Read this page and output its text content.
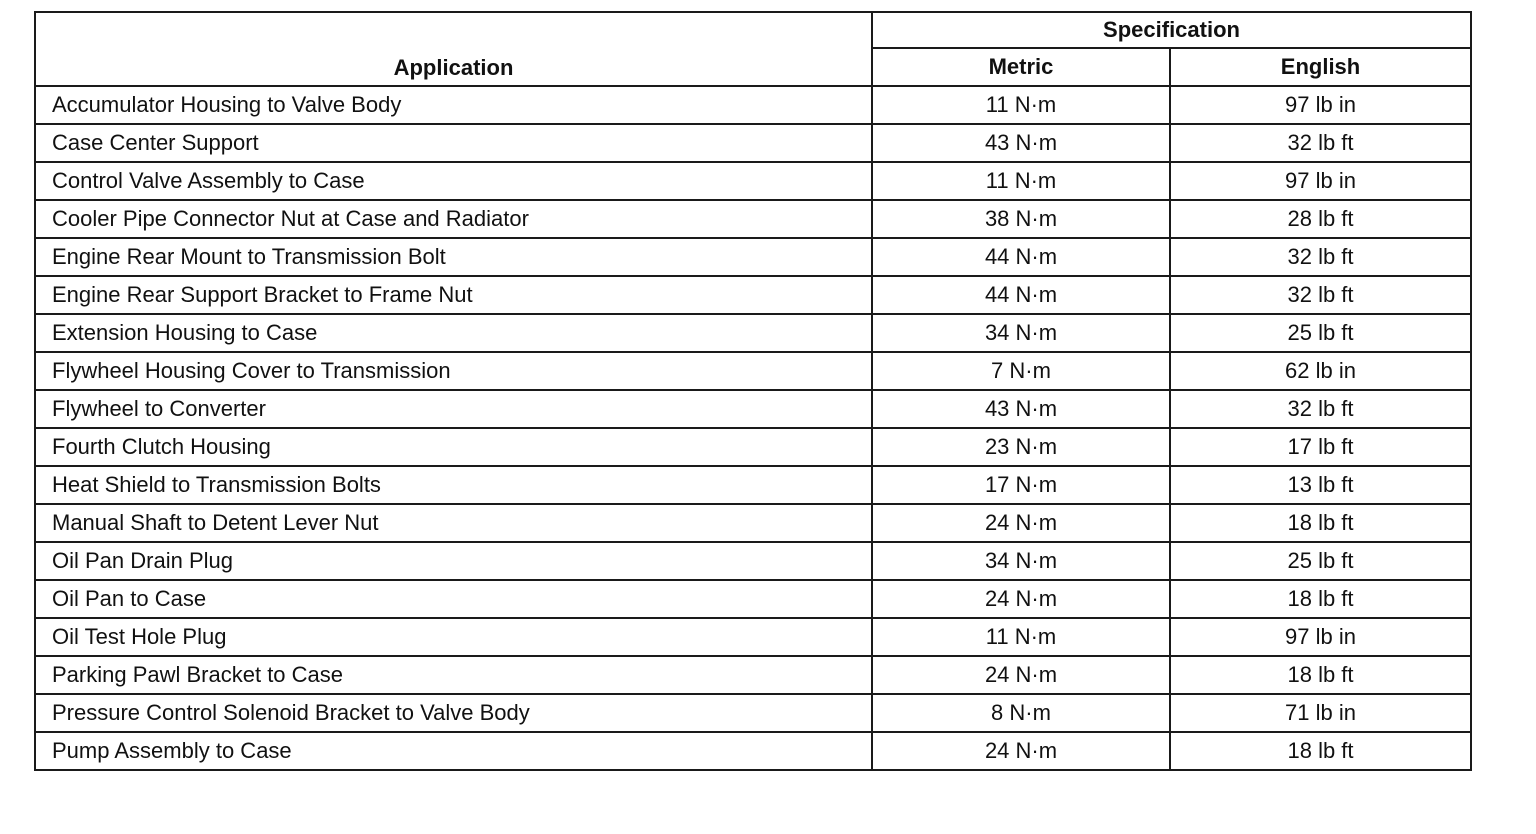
Application	Specification	
	Metric	English
Accumulator Housing to Valve Body	11 N·m	97 lb in
Case Center Support	43 N·m	32 lb ft
Control Valve Assembly to Case	11 N·m	97 lb in
Cooler Pipe Connector Nut at Case and Radiator	38 N·m	28 lb ft
Engine Rear Mount to Transmission Bolt	44 N·m	32 lb ft
Engine Rear Support Bracket to Frame Nut	44 N·m	32 lb ft
Extension Housing to Case	34 N·m	25 lb ft
Flywheel Housing Cover to Transmission	7 N·m	62 lb in
Flywheel to Converter	43 N·m	32 lb ft
Fourth Clutch Housing	23 N·m	17 lb ft
Heat Shield to Transmission Bolts	17 N·m	13 lb ft
Manual Shaft to Detent Lever Nut	24 N·m	18 lb ft
Oil Pan Drain Plug	34 N·m	25 lb ft
Oil Pan to Case	24 N·m	18 lb ft
Oil Test Hole Plug	11 N·m	97 lb in
Parking Pawl Bracket to Case	24 N·m	18 lb ft
Pressure Control Solenoid Bracket to Valve Body	8 N·m	71 lb in
Pump Assembly to Case	24 N·m	18 lb ft
